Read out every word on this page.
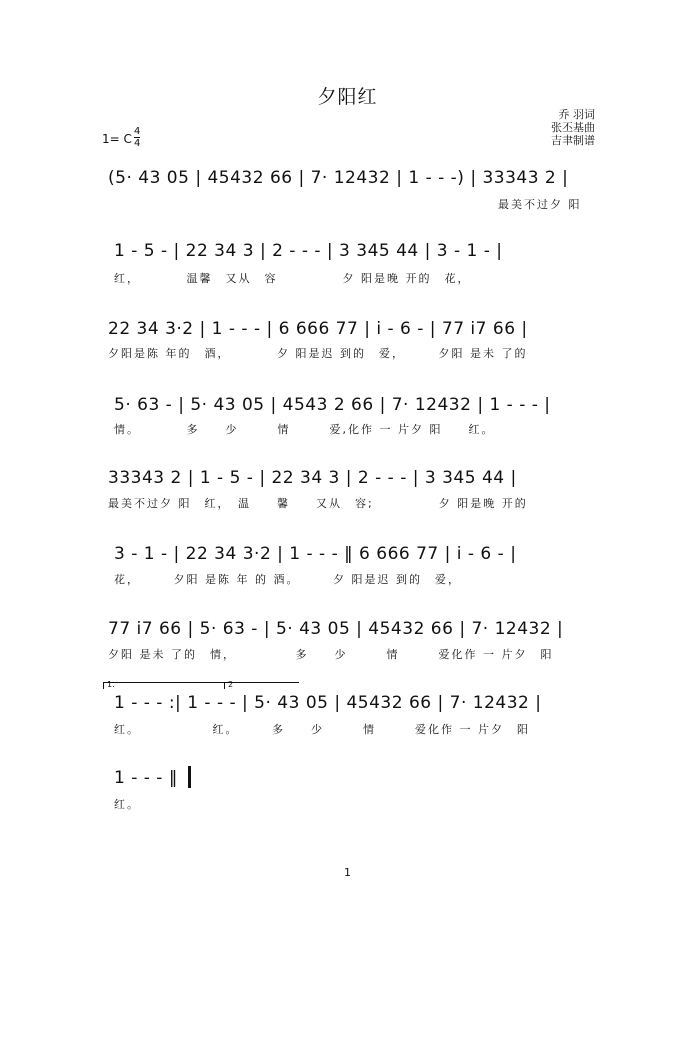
夕阳红
乔 羽词
张丕基曲
吉聿制谱
1= C
4
4
(5· 43 05 | 45432 66 | 7· 12432 | 1 - - -) | 33343 2 |
最美不过夕 阳
1 - 5 - | 22 34 3 | 2 - - - | 3 345 44 | 3 - 1 - |
红，　　　　温馨　又从　容　　　　　夕 阳是晚 开的　花，
22 34 3·2 | 1 - - - | 6 666 77 | i - 6 - | 77 i7 66 |
夕阳是陈 年的　酒，　　　　夕 阳是迟 到的　爱，　　　夕阳 是未 了的
5· 63 - | 5· 43 05 | 4543 2 66 | 7· 12432 | 1 - - - |
情。　　　　多　　少　　　情　　　爱,化作 一 片夕 阳　　红。
33343 2 | 1 - 5 - | 22 34 3 | 2 - - - | 3 345 44 |
最美不过夕 阳　红，　温　　馨　　又从　容;　　　　　夕 阳是晚 开的
3 - 1 - | 22 34 3·2 | 1 - - - ‖ 6 666 77 | i - 6 - |
花，　　　夕阳 是陈 年 的 酒。　　　夕 阳是迟 到的　爱，
77 i7 66 | 5· 63 - | 5· 43 05 | 45432 66 | 7· 12432 |
夕阳 是未 了的　情，　　　　　多　　少　　　情　　　爱化作 一 片夕　阳
1.	2
1 - - - :| 1 - - - | 5· 43 05 | 45432 66 | 7· 12432 |
红。　　　　　　红。　　　多　　少　　　情　　　爱化作 一 片夕　阳
1 - - - ‖
红。
1
